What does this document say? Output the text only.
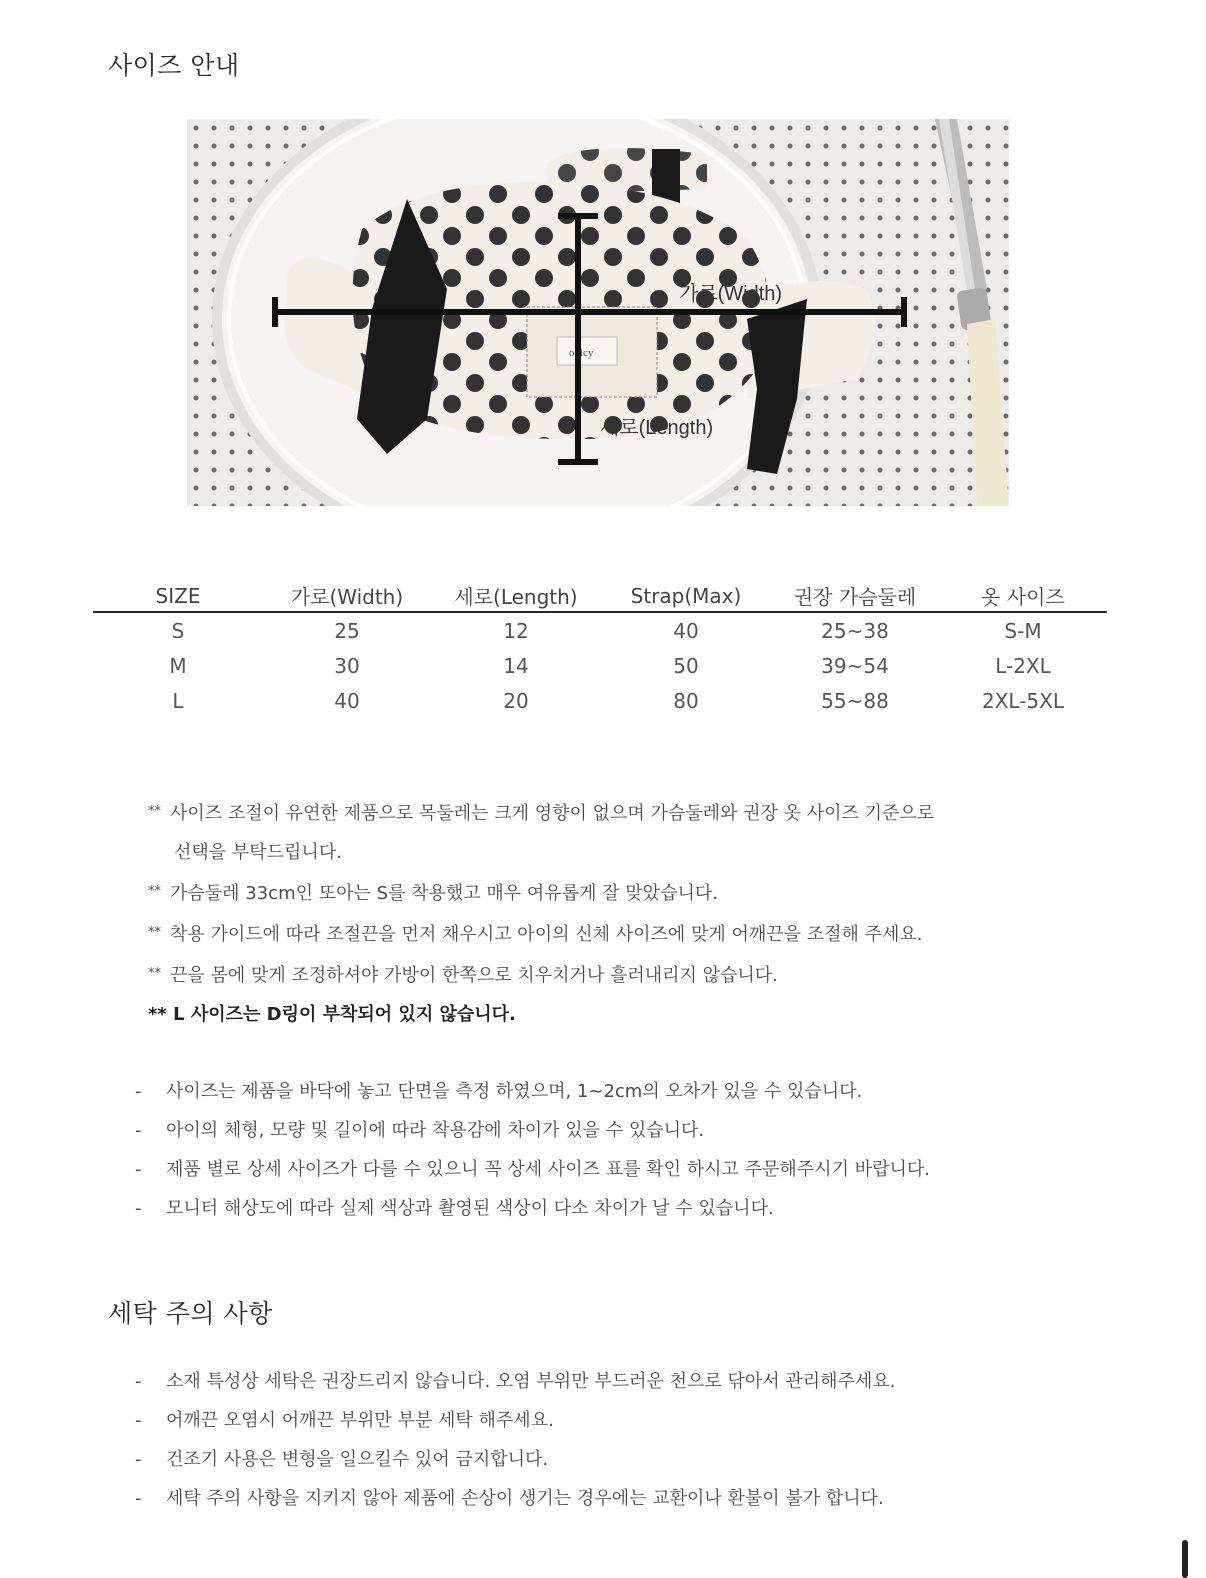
사이즈 안내
odicy
가로(Width)
세로(Length)
SIZE	가로(Width)	세로(Length)	Strap(Max)	권장 가슴둘레	옷 사이즈
S	25	12	40	25~38	S-M
M	30	14	50	39~54	L-2XL
L	40	20	80	55~88	2XL-5XL
** 사이즈 조절이 유연한 제품으로 목둘레는 크게 영향이 없으며 가슴둘레와 권장 옷 사이즈 기준으로
선택을 부탁드립니다.
** 가슴둘레 33cm인 또아는 S를 착용했고 매우 여유롭게 잘 맞았습니다.
** 착용 가이드에 따라 조절끈을 먼저 채우시고 아이의 신체 사이즈에 맞게 어깨끈을 조절해 주세요.
** 끈을 몸에 맞게 조정하셔야 가방이 한쪽으로 치우치거나 흘러내리지 않습니다.
** L 사이즈는 D링이 부착되어 있지 않습니다.
-	사이즈는 제품을 바닥에 놓고 단면을 측정 하였으며, 1~2cm의 오차가 있을 수 있습니다.
-	아이의 체형, 모량 및 길이에 따라 착용감에 차이가 있을 수 있습니다.
-	제품 별로 상세 사이즈가 다를 수 있으니 꼭 상세 사이즈 표를 확인 하시고 주문해주시기 바랍니다.
-	모니터 해상도에 따라 실제 색상과 촬영된 색상이 다소 차이가 날 수 있습니다.
세탁 주의 사항
-	소재 특성상 세탁은 권장드리지 않습니다. 오염 부위만 부드러운 천으로 닦아서 관리해주세요.
-	어깨끈 오염시 어깨끈 부위만 부분 세탁 해주세요.
-	건조기 사용은 변형을 일으킬수 있어 금지합니다.
-	세탁 주의 사항을 지키지 않아 제품에 손상이 생기는 경우에는 교환이나 환불이 불가 합니다.
